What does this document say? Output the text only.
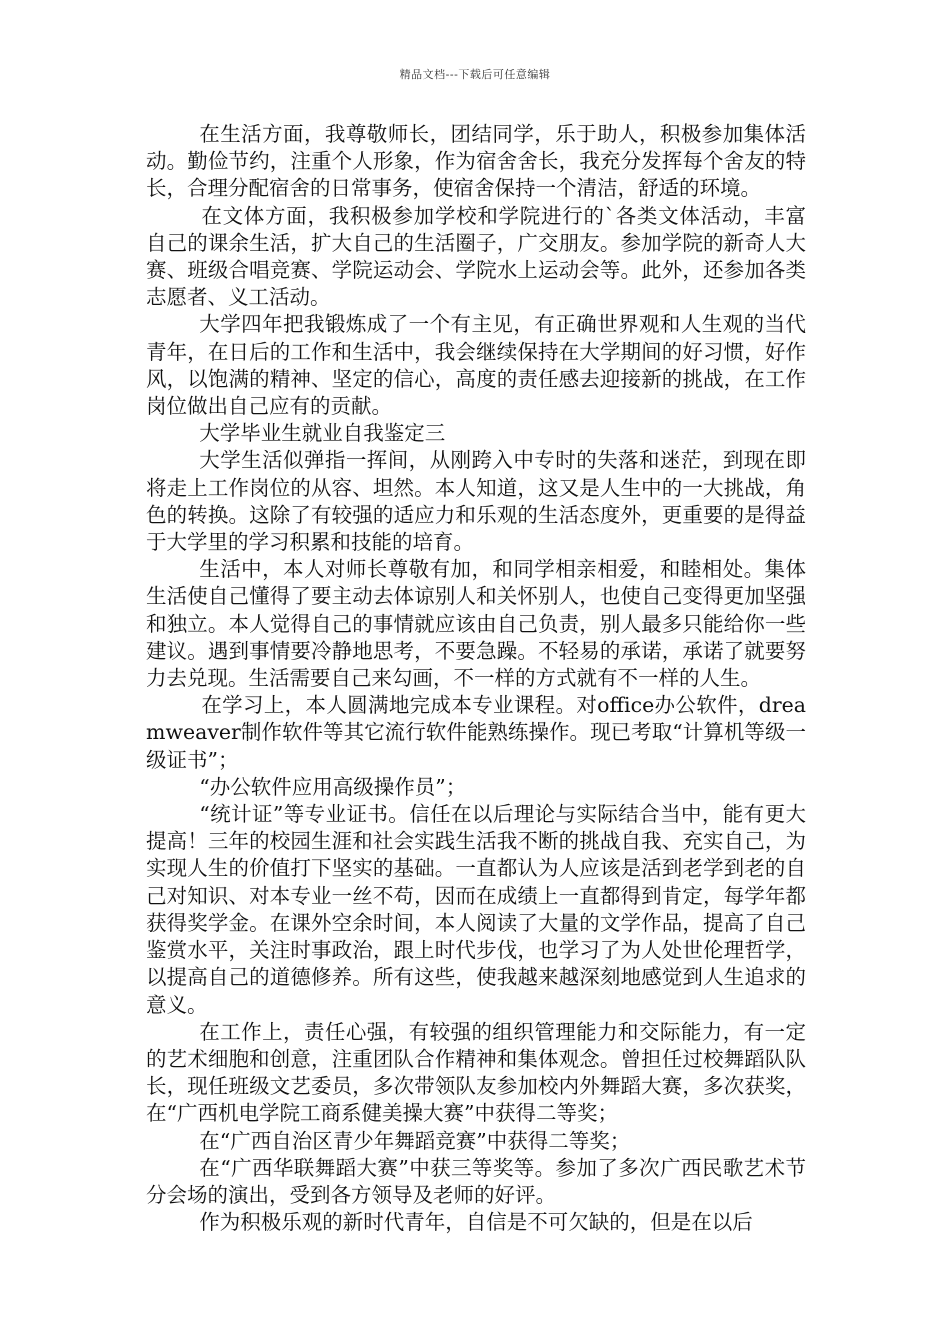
精品文档---下载后可任意编辑

在生活方面，我尊敬师长，团结同学，乐于助人，积极参加集体活动。勤俭节约，注重个人形象，作为宿舍舍长，我充分发挥每个舍友的特长，合理分配宿舍的日常事务，使宿舍保持一个清洁，舒适的环境。

在文体方面，我积极参加学校和学院进行的`各类文体活动，丰富自己的课余生活，扩大自己的生活圈子，广交朋友。参加学院的新奇人大赛、班级合唱竞赛、学院运动会、学院水上运动会等。此外，还参加各类志愿者、义工活动。

大学四年把我锻炼成了一个有主见，有正确世界观和人生观的当代青年，在日后的工作和生活中，我会继续保持在大学期间的好习惯，好作风，以饱满的精神、坚定的信心，高度的责任感去迎接新的挑战，在工作岗位做出自己应有的贡献。

大学毕业生就业自我鉴定三

大学生活似弹指一挥间，从刚跨入中专时的失落和迷茫，到现在即将走上工作岗位的从容、坦然。本人知道，这又是人生中的一大挑战，角色的转换。这除了有较强的适应力和乐观的生活态度外，更重要的是得益于大学里的学习积累和技能的培育。

生活中，本人对师长尊敬有加，和同学相亲相爱，和睦相处。集体生活使自己懂得了要主动去体谅别人和关怀别人，也使自己变得更加坚强和独立。本人觉得自己的事情就应该由自己负责，别人最多只能给你一些建议。遇到事情要冷静地思考，不要急躁。不轻易的承诺，承诺了就要努力去兑现。生活需要自己来勾画，不一样的方式就有不一样的人生。

在学习上，本人圆满地完成本专业课程。对office办公软件，dreamweaver制作软件等其它流行软件能熟练操作。现已考取“计算机等级一级证书”；

“办公软件应用高级操作员”；

“统计证”等专业证书。信任在以后理论与实际结合当中，能有更大提高！三年的校园生涯和社会实践生活我不断的挑战自我、充实自己，为实现人生的价值打下坚实的基础。一直都认为人应该是活到老学到老的自己对知识、对本专业一丝不苟，因而在成绩上一直都得到肯定，每学年都获得奖学金。在课外空余时间，本人阅读了大量的文学作品，提高了自己鉴赏水平，关注时事政治，跟上时代步伐，也学习了为人处世伦理哲学，以提高自己的道德修养。所有这些，使我越来越深刻地感觉到人生追求的意义。

在工作上，责任心强，有较强的组织管理能力和交际能力，有一定的艺术细胞和创意，注重团队合作精神和集体观念。曾担任过校舞蹈队队长，现任班级文艺委员，多次带领队友参加校内外舞蹈大赛，多次获奖，在“广西机电学院工商系健美操大赛”中获得二等奖；

在“广西自治区青少年舞蹈竞赛”中获得二等奖；

在“广西华联舞蹈大赛”中获三等奖等。参加了多次广西民歌艺术节分会场的演出，受到各方领导及老师的好评。

作为积极乐观的新时代青年，自信是不可欠缺的，但是在以后
